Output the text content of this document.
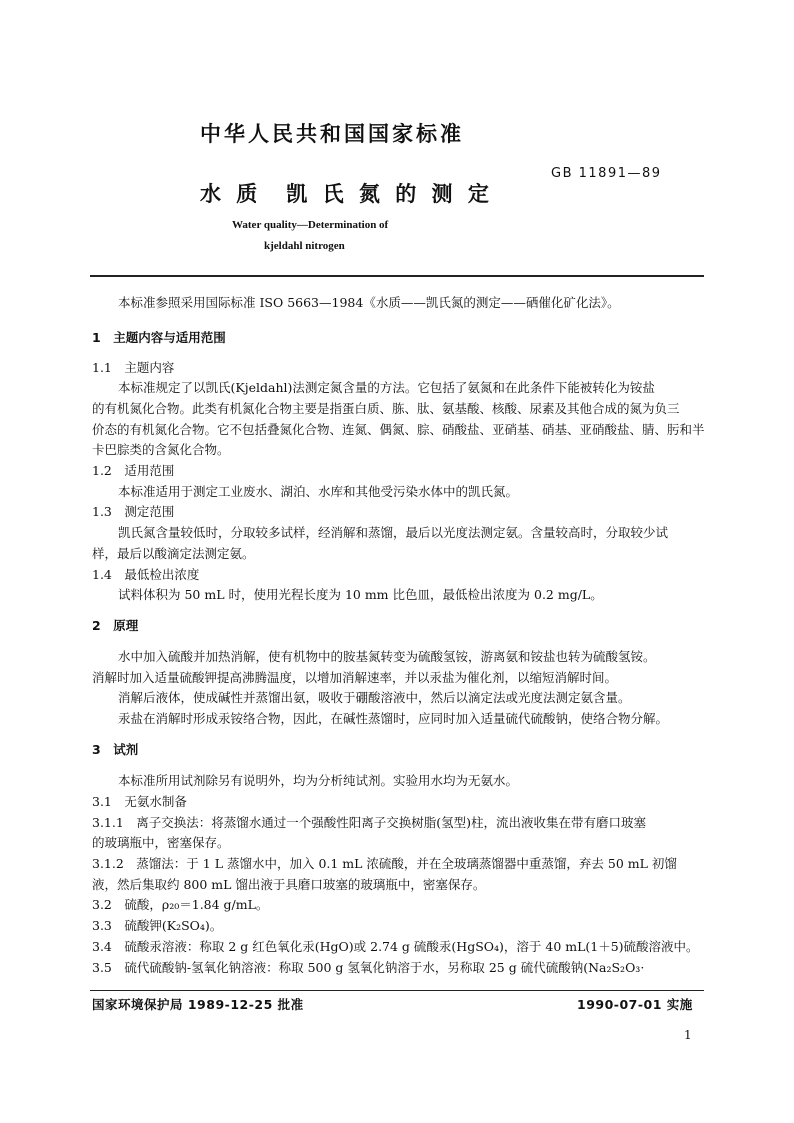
中华人民共和国国家标准
GB 11891—89
水 质　凯 氏 氮 的 测 定
Water quality—Determination of
kjeldahl nitrogen
本标准参照采用国际标准 ISO 5663—1984《水质——凯氏氮的测定——硒催化矿化法》。
1　主题内容与适用范围
1.1　主题内容
本标准规定了以凯氏(Kjeldahl)法测定氮含量的方法。它包括了氨氮和在此条件下能被转化为铵盐
的有机氮化合物。此类有机氮化合物主要是指蛋白质、胨、肽、氨基酸、核酸、尿素及其他合成的氮为负三
价态的有机氮化合物。它不包括叠氮化合物、连氮、偶氮、腙、硝酸盐、亚硝基、硝基、亚硝酸盐、腈、肟和半
卡巴腙类的含氮化合物。
1.2　适用范围
本标准适用于测定工业废水、湖泊、水库和其他受污染水体中的凯氏氮。
1.3　测定范围
凯氏氮含量较低时，分取较多试样，经消解和蒸馏，最后以光度法测定氨。含量较高时，分取较少试
样，最后以酸滴定法测定氨。
1.4　最低检出浓度
试料体积为 50 mL 时，使用光程长度为 10 mm 比色皿，最低检出浓度为 0.2 mg/L。
2　原理
水中加入硫酸并加热消解，使有机物中的胺基氮转变为硫酸氢铵，游离氨和铵盐也转为硫酸氢铵。
消解时加入适量硫酸钾提高沸腾温度，以增加消解速率，并以汞盐为催化剂，以缩短消解时间。
消解后液体，使成碱性并蒸馏出氨，吸收于硼酸溶液中，然后以滴定法或光度法测定氨含量。
汞盐在消解时形成汞铵络合物，因此，在碱性蒸馏时，应同时加入适量硫代硫酸钠，使络合物分解。
3　试剂
本标准所用试剂除另有说明外，均为分析纯试剂。实验用水均为无氨水。
3.1　无氨水制备
3.1.1　离子交换法：将蒸馏水通过一个强酸性阳离子交换树脂(氢型)柱，流出液收集在带有磨口玻塞
的玻璃瓶中，密塞保存。
3.1.2　蒸馏法：于 1 L 蒸馏水中，加入 0.1 mL 浓硫酸，并在全玻璃蒸馏器中重蒸馏，弃去 50 mL 初馏
液，然后集取约 800 mL 馏出液于具磨口玻塞的玻璃瓶中，密塞保存。
3.2　硫酸，ρ₂₀＝1.84 g/mL。
3.3　硫酸钾(K₂SO₄)。
3.4　硫酸汞溶液：称取 2 g 红色氧化汞(HgO)或 2.74 g 硫酸汞(HgSO₄)，溶于 40 mL(1＋5)硫酸溶液中。
3.5　硫代硫酸钠-氢氧化钠溶液：称取 500 g 氢氧化钠溶于水，另称取 25 g 硫代硫酸钠(Na₂S₂O₃·
国家环境保护局 1989-12-25 批准	1990-07-01 实施
1
